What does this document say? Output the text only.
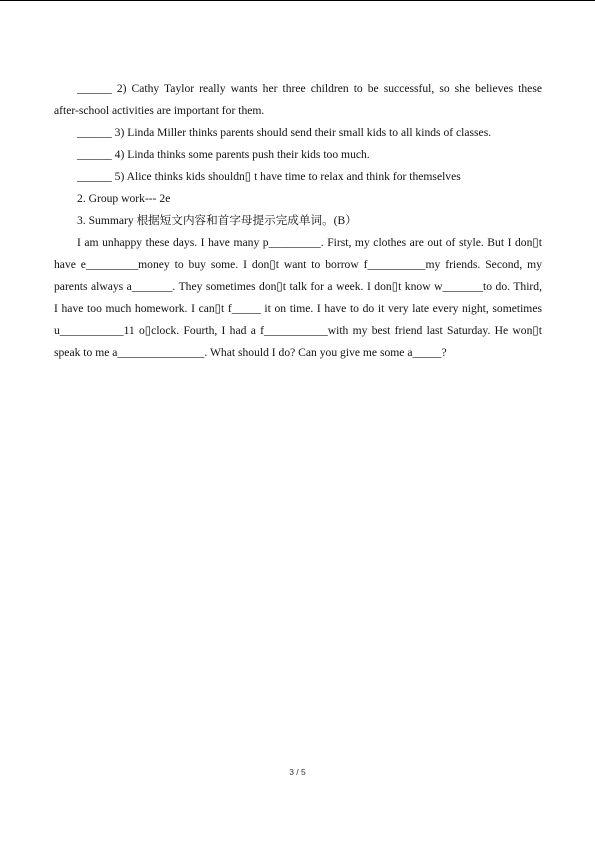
______ 2) Cathy Taylor really wants her three children to be successful, so she believes these
after-school activities are important for them.
______ 3) Linda Miller thinks parents should send their small kids to all kinds of classes.
______ 4) Linda thinks some parents push their kids too much.
______ 5) Alice thinks kids shouldn▯ t have time to relax and think for themselves
2. Group work--- 2e
3. Summary 根据短文内容和首字母提示完成单词。(B）
I am unhappy these days. I have many p_________. First, my clothes are out of style. But I don▯t
have e_________money to buy some. I don▯t want to borrow f__________my friends. Second, my
parents always a_______. They sometimes don▯t talk for a week. I don▯t know w_______to do. Third,
I have too much homework. I can▯t f_____ it on time. I have to do it very late every night, sometimes
u___________11 o▯clock. Fourth, I had a f___________with my best friend last Saturday. He won▯t
speak to me a_______________. What should I do? Can you give me some a_____?
3 / 5
